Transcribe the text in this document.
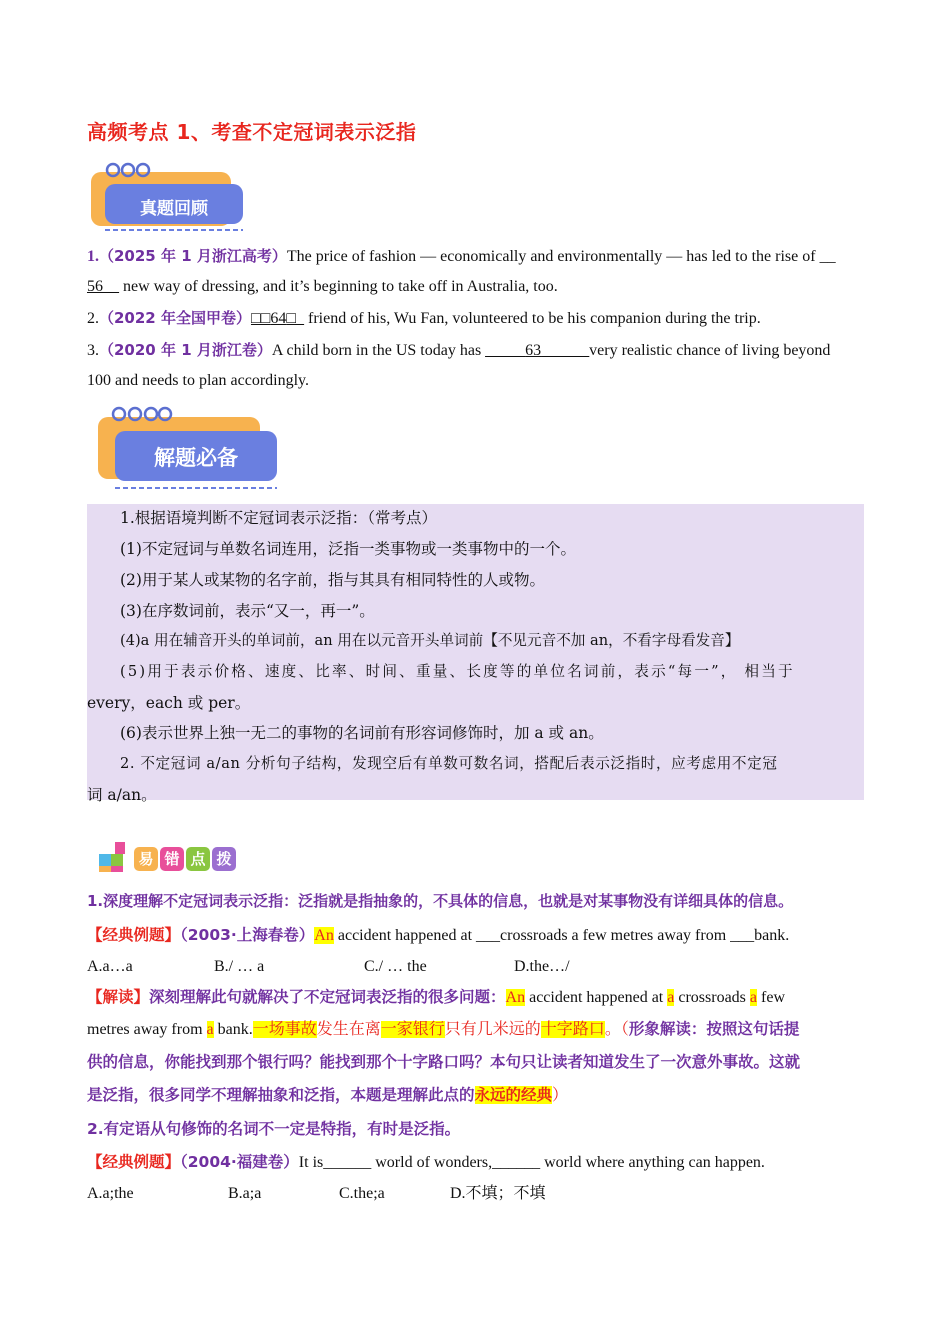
高频考点 1、考查不定冠词表示泛指
真题回顾
1.（2025 年 1 月浙江高考）The price of fashion — economically and environmentally — has led to the rise of __
56__ new way of dressing, and it’s beginning to take off in Australia, too.
2.（2022 年全国甲卷）□□64□_ friend of his, Wu Fan, volunteered to be his companion during the trip.
3.（2020 年 1 月浙江卷）A child born in the US today has _____63______very realistic chance of living beyond
100 and needs to plan accordingly.
解题必备
1.根据语境判断不定冠词表示泛指：（常考点）
(1)不定冠词与单数名词连用，泛指一类事物或一类事物中的一个。
(2)用于某人或某物的名字前，指与其具有相同特性的人或物。
(3)在序数词前，表示“又一，再一”。
(4)a 用在辅音开头的单词前，an 用在以元音开头单词前【不见元音不加 an，不看字母看发音】
(5)用于表示价格、速度、比率、时间、重量、长度等的单位名词前，表示“每一”， 相当于
every，each 或 per。
(6)表示世界上独一无二的事物的名词前有形容词修饰时，加 a 或 an。
2. 不定冠词 a/an 分析句子结构，发现空后有单数可数名词，搭配后表示泛指时，应考虑用不定冠
词 a/an。
易 错 点 拨
1.深度理解不定冠词表示泛指：泛指就是指抽象的，不具体的信息，也就是对某事物没有详细具体的信息。
【经典例题】（2003·上海春卷）An accident happened at ___crossroads a few metres away from ___bank.
A.a…a	B./ … a	C./ … the	D.the…/
【解读】深刻理解此句就解决了不定冠词表泛指的很多问题：An accident happened at a crossroads a few
metres away from a bank.一场事故发生在离一家银行只有几米远的十字路口。（形象解读：按照这句话提
供的信息，你能找到那个银行吗？能找到那个十字路口吗？本句只让读者知道发生了一次意外事故。这就
是泛指，很多同学不理解抽象和泛指，本题是理解此点的永远的经典）
2.有定语从句修饰的名词不一定是特指，有时是泛指。
【经典例题】（2004·福建卷）It is______ world of wonders,______ world where anything can happen.
A.a;the	B.a;a	C.the;a	D.不填；不填
